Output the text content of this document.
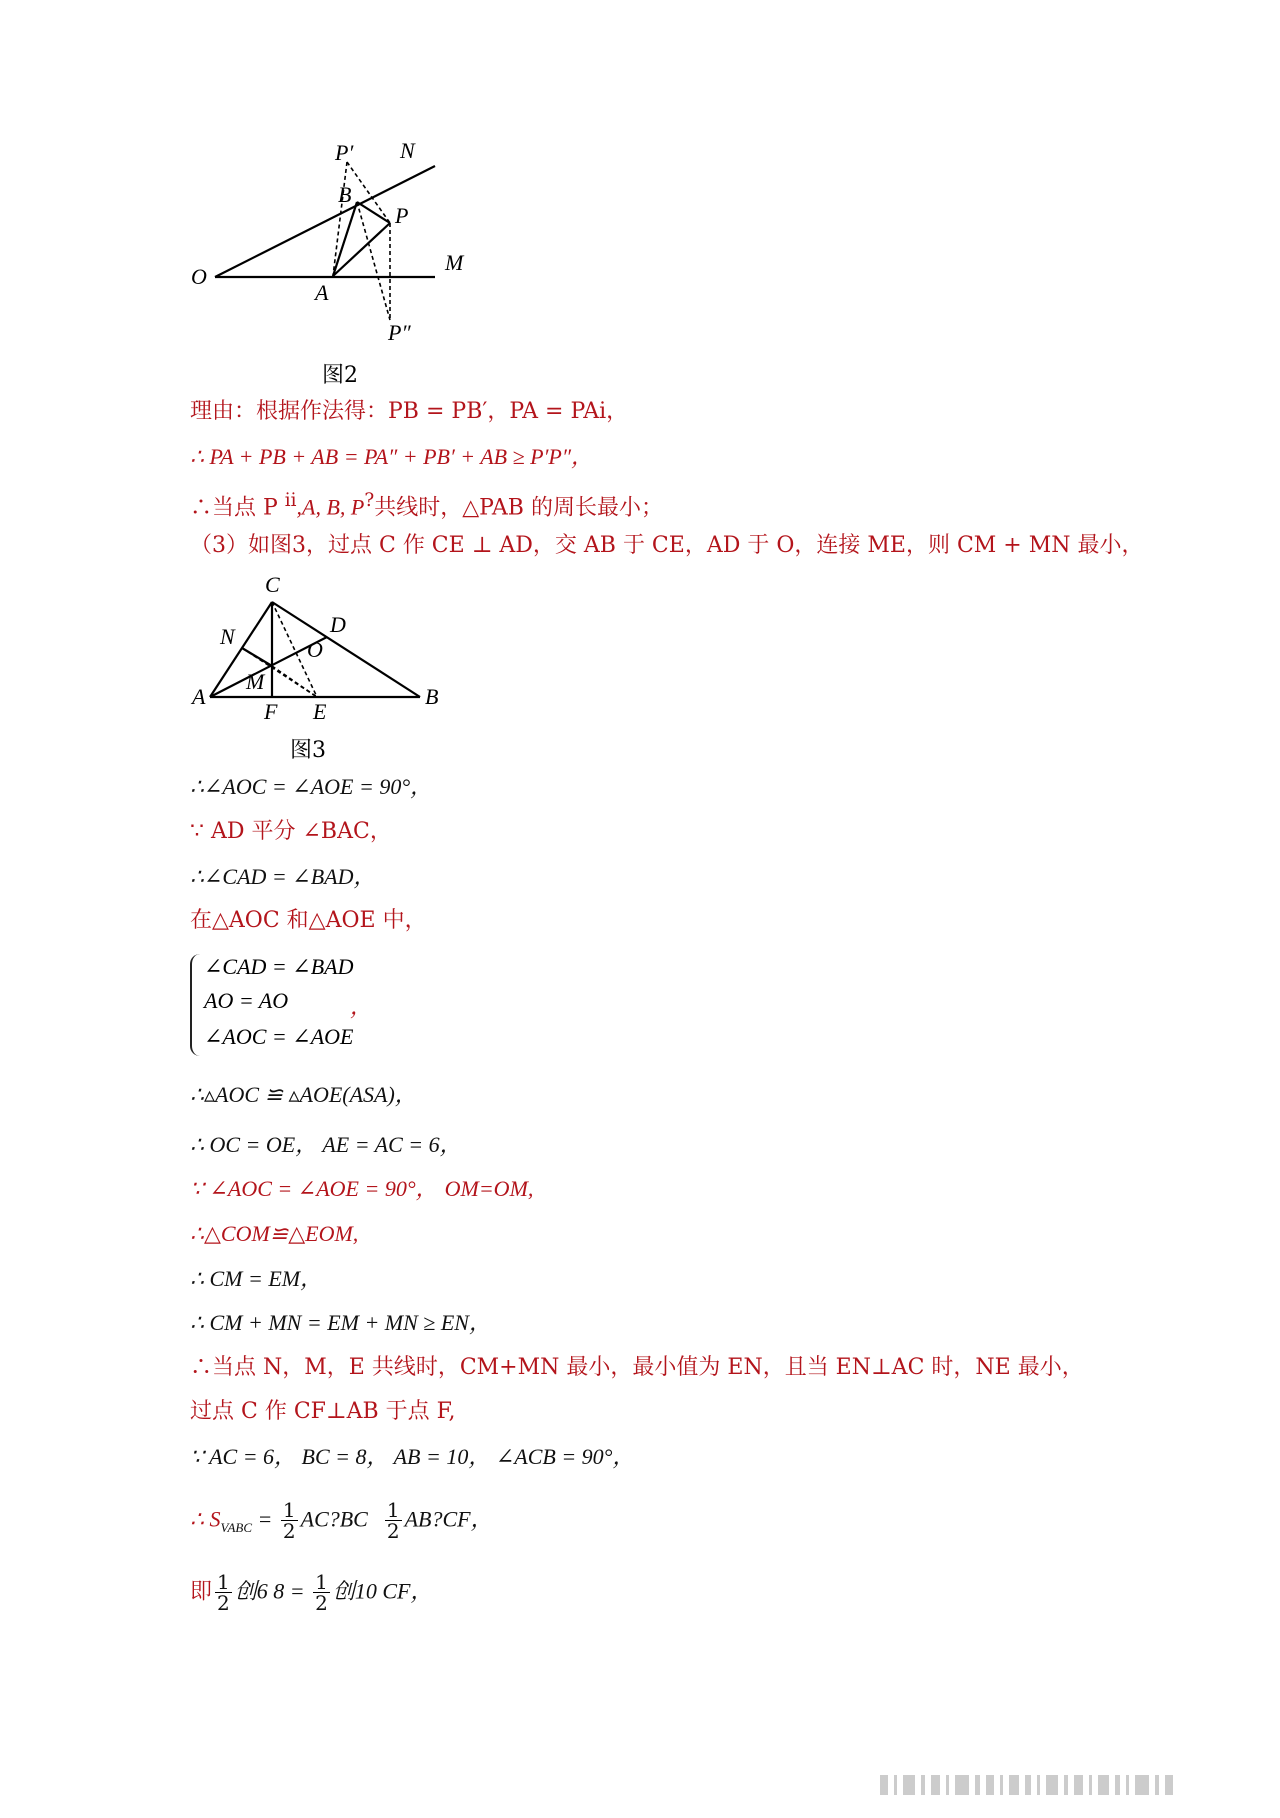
P′ N
B
P
O
M
A
P″
图2
理由：根据作法得：PB = PB′，PA = PAⅰ，
∴ PA + PB + AB = PA″ + PB′ + AB ≥ P′P″，
∴当点 P $^ⅱ$,A, B, P?共线时，△PAB 的周长最小；
（3）如图3，过点 C 作 CE ⊥ AD，交 AB 于 CE，AD 于 O，连接 ME，则 CM + MN 最小，
C
D
N
O
M
A
F E
B
图3
∴∠AOC = ∠AOE = 90°，
∵ AD 平分 ∠BAC，
∴∠CAD = ∠BAD，
在△AOC 和△AOE 中，
∠CAD = ∠BAD
AO = AO
∠AOC = ∠AOE
，
∴▵AOC ≌ ▵AOE(ASA)，
∴ OC = OE， AE = AC = 6，
∵ ∠AOC = ∠AOE = 90°， OM=OM,
∴△COM≌△EOM,
∴ CM = EM，
∴ CM + MN = EM + MN ≥ EN，
∴当点 N，M，E 共线时，CM+MN 最小，最小值为 EN，且当 EN⊥AC 时，NE 最小，
过点 C 作 CF⊥AB 于点 F,
∵ AC = 6， BC = 8， AB = 10， ∠ACB = 90°，
∴ $S_{VABC} = \frac{1}{2}$ AC?BC $\frac{1}{2}$ AB?CF，
即 $\frac{1}{2}$ 创6 $8 = \frac{1}{2}$ 创10 CF，
